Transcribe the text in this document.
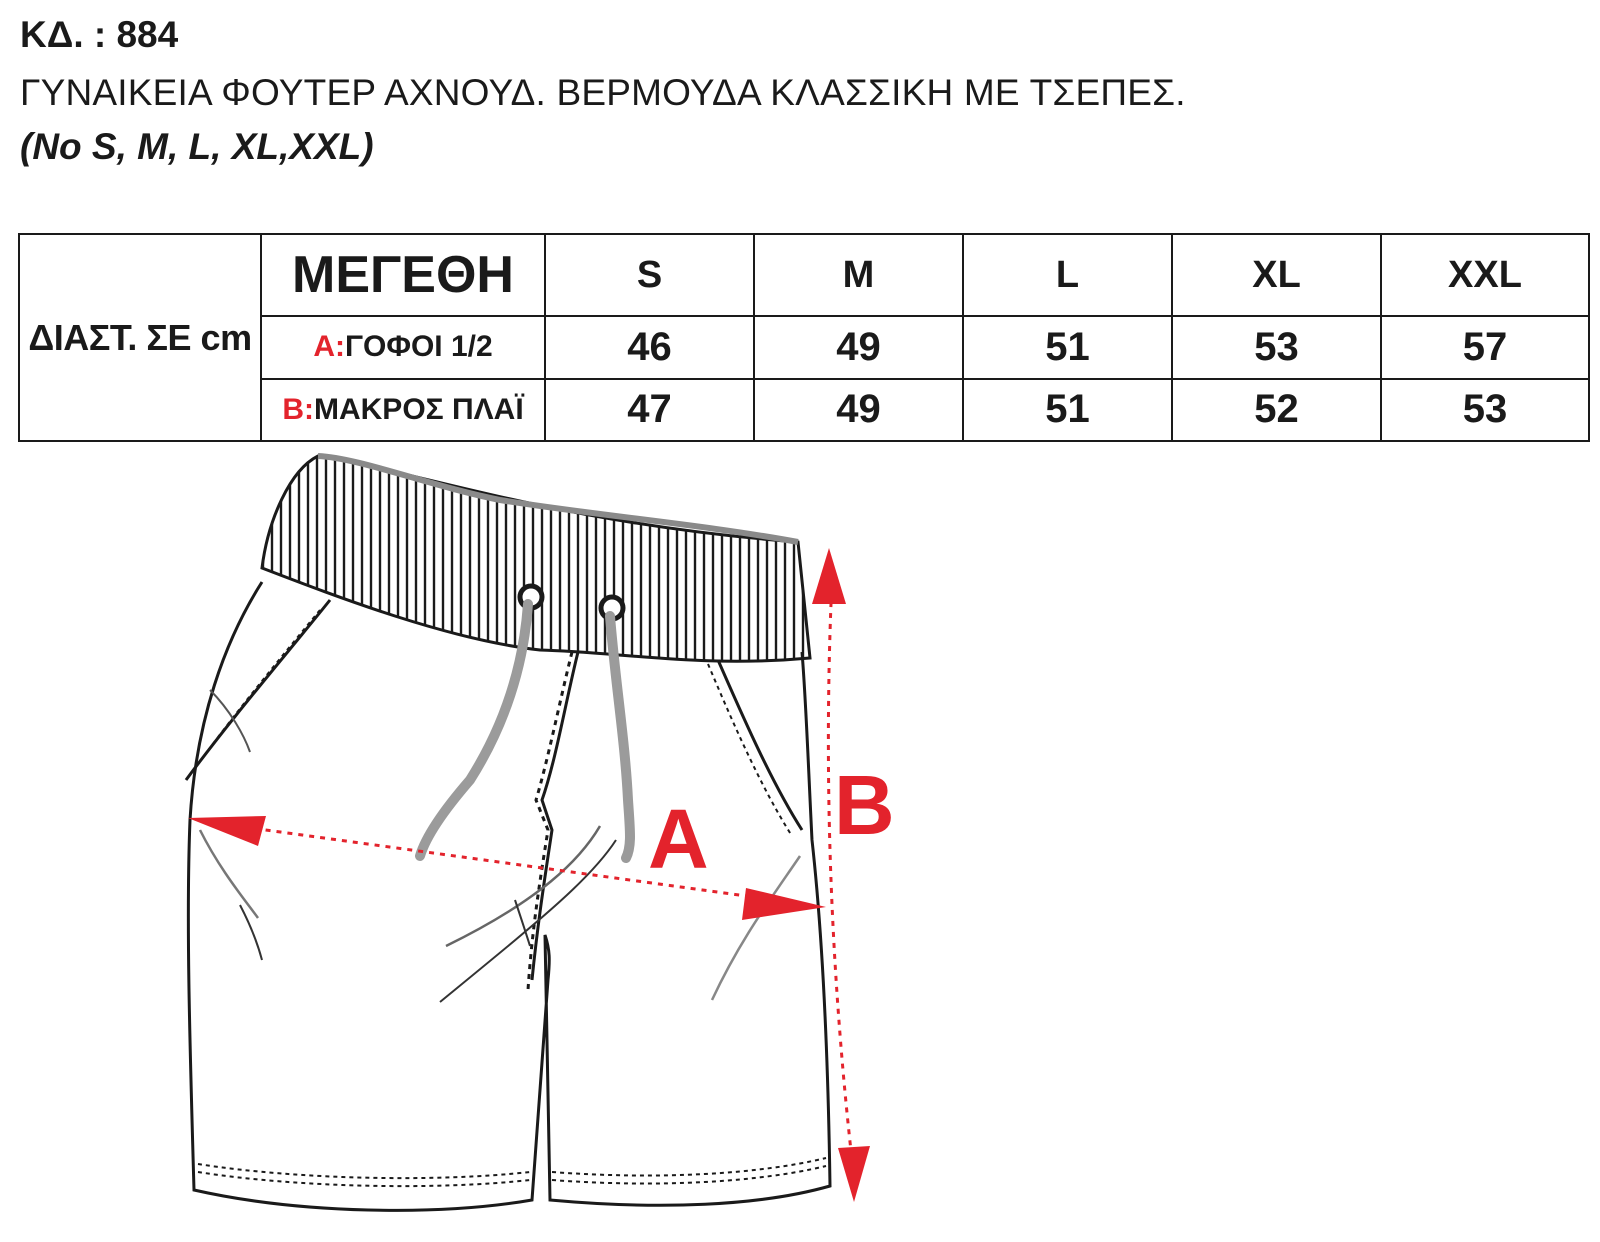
ΚΔ. : 884
ΓΥΝΑΙΚΕΙΑ ΦΟΥΤΕΡ ΑΧΝΟΥΔ. ΒΕΡΜΟΥΔΑ ΚΛΑΣΣΙΚΗ ΜΕ ΤΣΕΠΕΣ.
(No S, M, L, XL,XXL)
ΔΙΑΣΤ. ΣΕ cm	ΜΕΓΕΘΗ	S	M	L	XL	XXL
	A:ΓΟΦΟΙ 1/2	46	49	51	53	57
	B:ΜΑΚΡΟΣ ΠΛΑΪ	47	49	51	52	53
A B
